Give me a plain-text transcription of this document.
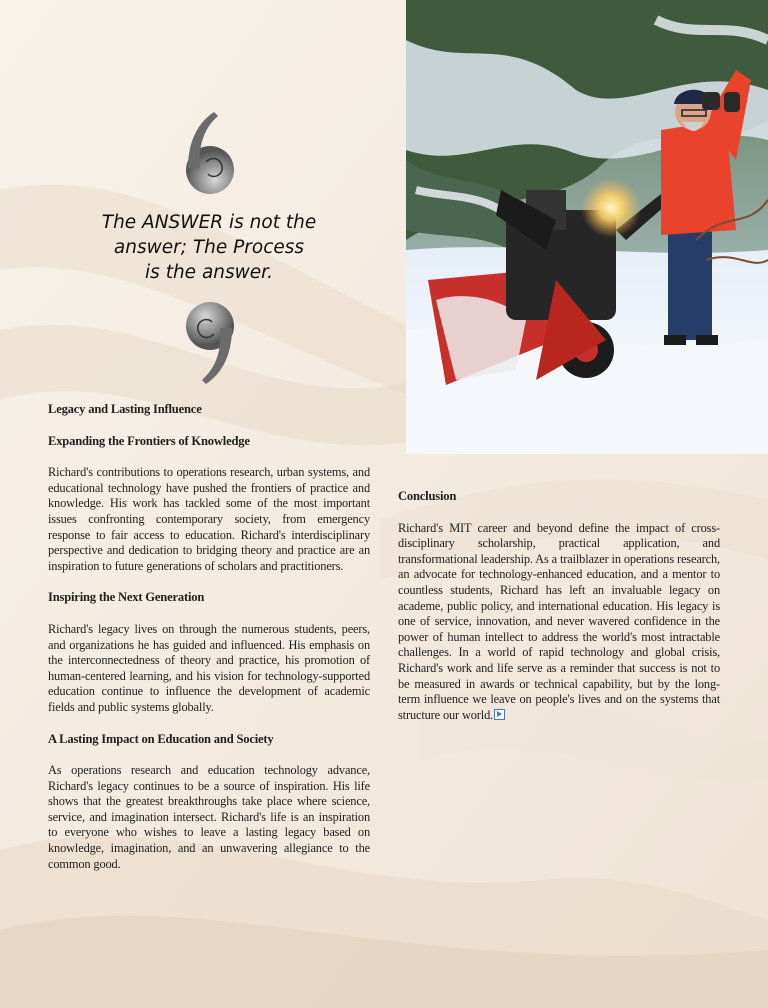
The ANSWER is not the
answer; The Process
is the answer.
Legacy and Lasting Influence
Expanding the Frontiers of Knowledge

Richard's contributions to operations research, urban systems, and educational technology have pushed the frontiers of practice and knowledge. His work has tackled some of the most important issues confronting contemporary society, from emergency response to fair access to education. Richard's interdisciplinary perspective and dedication to bridging theory and practice are an inspiration to future generations of scholars and practitioners.

Inspiring the Next Generation

Richard's legacy lives on through the numerous students, peers, and organizations he has guided and influenced. His emphasis on the interconnectedness of theory and practice, his promotion of human-centered learning, and his vision for technology-supported education continue to influence the development of academic fields and public systems globally.

A Lasting Impact on Education and Society

As operations research and education technology advance, Richard's legacy continues to be a source of inspiration. His life shows that the greatest breakthroughs take place where science, service, and imagination intersect. Richard's life is an inspiration to everyone who wishes to leave a lasting legacy based on knowledge, imagination, and an unwavering allegiance to the common good.

Conclusion

Richard's MIT career and beyond define the impact of cross-disciplinary scholarship, practical application, and transformational leadership. As a trailblazer in operations research, an advocate for technology-enhanced education, and a mentor to countless students, Richard has left an invaluable legacy on academe, public policy, and international education. His legacy is one of service, innovation, and never wavered confidence in the power of human intellect to address the world's most intractable challenges. In a world of rapid technology and global crisis, Richard's work and life serve as a reminder that success is not to be measured in awards or technical capability, but by the long-term influence we leave on people's lives and on the systems that structure our world.
